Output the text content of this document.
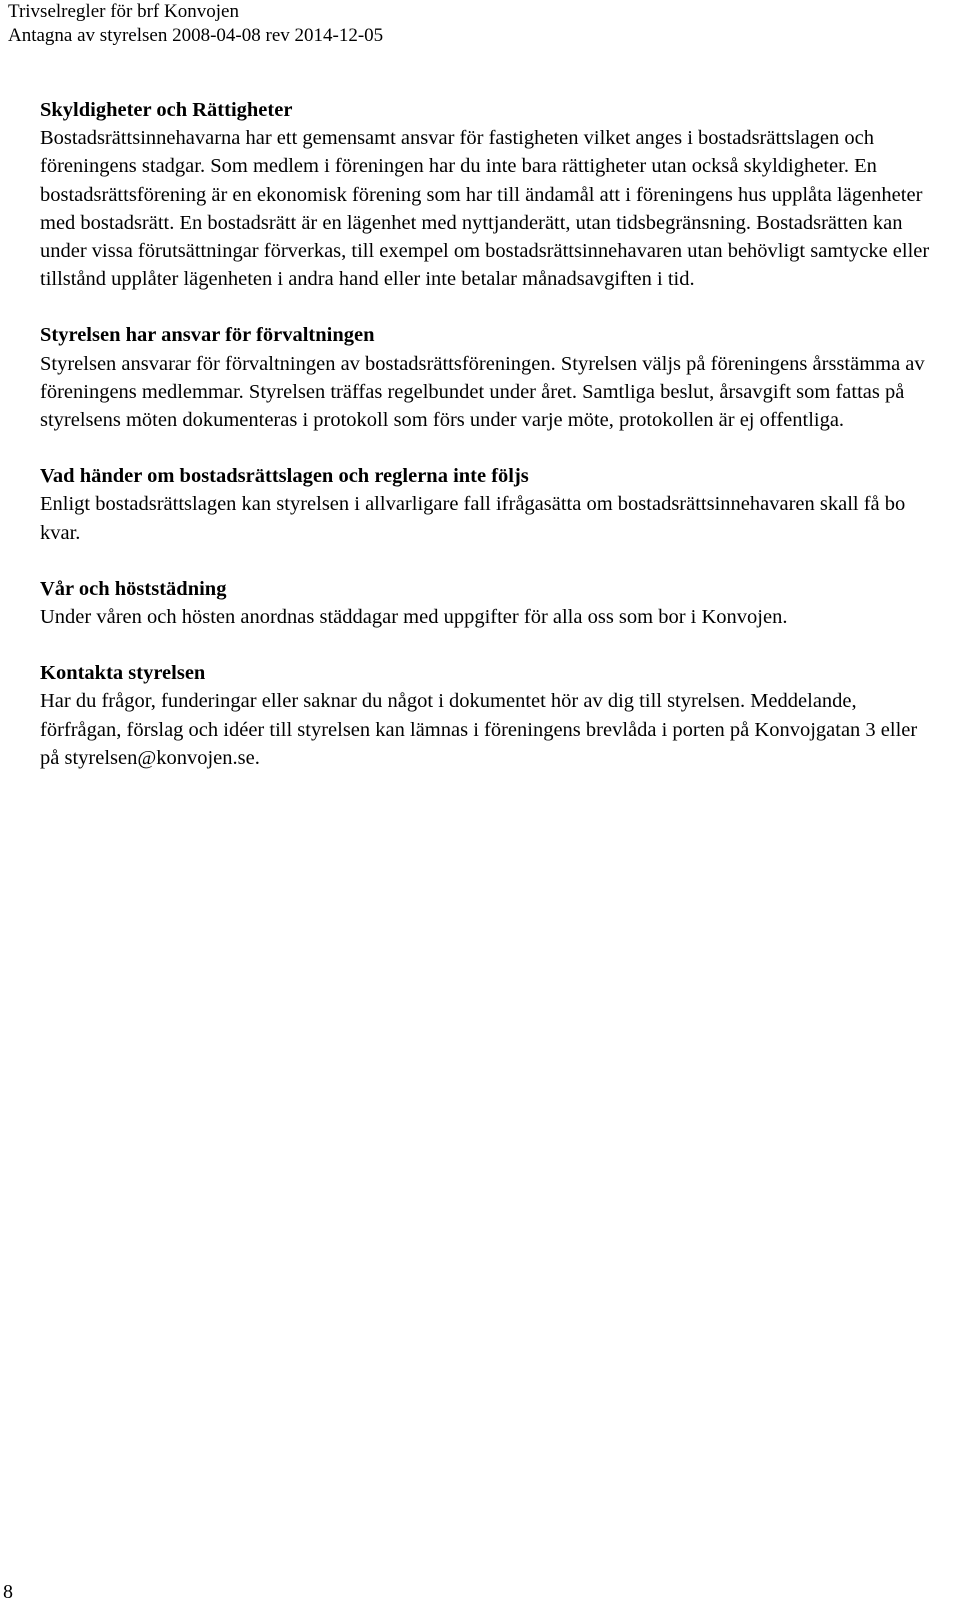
Trivselregler för brf Konvojen
Antagna av styrelsen 2008-04-08 rev 2014-12-05
Skyldigheter och Rättigheter
Bostadsrättsinnehavarna har ett gemensamt ansvar för fastigheten vilket anges i bostadsrättslagen och föreningens stadgar. Som medlem i föreningen har du inte bara rättigheter utan också skyldigheter. En bostadsrättsförening är en ekonomisk förening som har till ändamål att i föreningens hus upplåta lägenheter med bostadsrätt. En bostadsrätt är en lägenhet med nyttjanderätt, utan tidsbegränsning. Bostadsrätten kan under vissa förutsättningar förverkas, till exempel om bostadsrättsinnehavaren utan behövligt samtycke eller tillstånd upplåter lägenheten i andra hand eller inte betalar månadsavgiften i tid.
Styrelsen har ansvar för förvaltningen
Styrelsen ansvarar för förvaltningen av bostadsrättsföreningen. Styrelsen väljs på föreningens årsstämma av föreningens medlemmar. Styrelsen träffas regelbundet under året. Samtliga beslut, årsavgift som fattas på styrelsens möten dokumenteras i protokoll som förs under varje möte, protokollen är ej offentliga.
Vad händer om bostadsrättslagen och reglerna inte följs
Enligt bostadsrättslagen kan styrelsen i allvarligare fall ifrågasätta om bostadsrättsinnehavaren skall få bo kvar.
Vår och höststädning
Under våren och hösten anordnas städdagar med uppgifter för alla oss som bor i Konvojen.
Kontakta styrelsen
Har du frågor, funderingar eller saknar du något i dokumentet hör av dig till styrelsen. Meddelande, förfrågan, förslag och idéer till styrelsen kan lämnas i föreningens brevlåda i porten på Konvojgatan 3 eller på styrelsen@konvojen.se.
8
